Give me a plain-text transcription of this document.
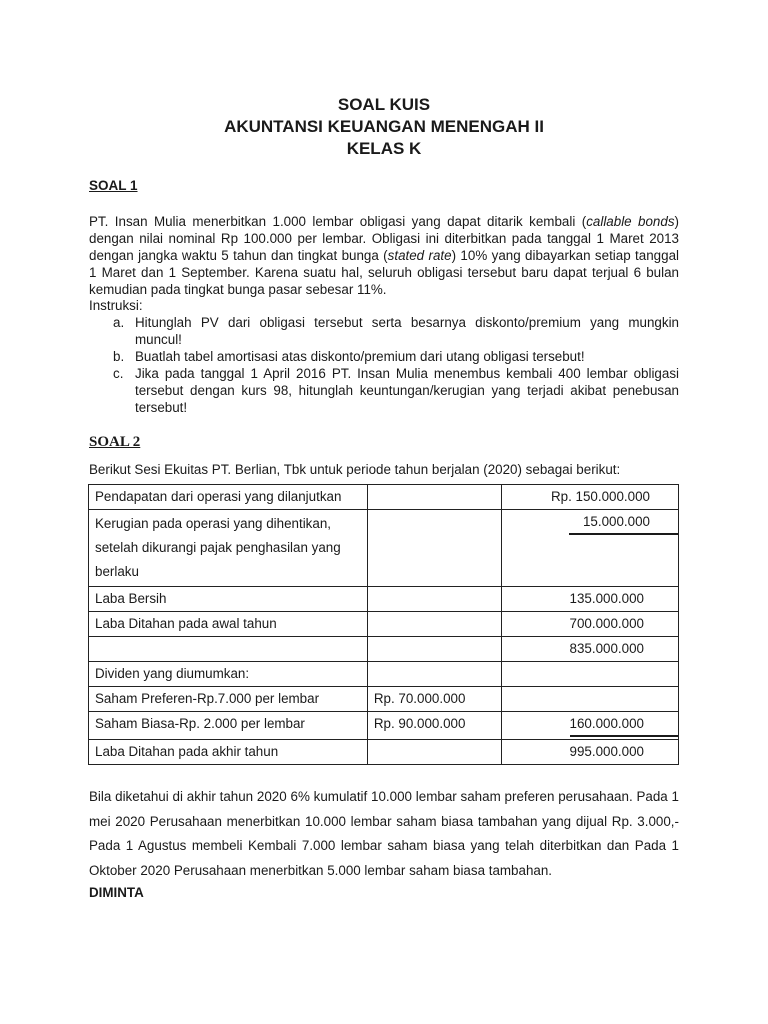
SOAL KUIS

AKUNTANSI KEUANGAN MENENGAH II

KELAS K

SOAL 1

PT. Insan Mulia menerbitkan 1.000 lembar obligasi yang dapat ditarik kembali (callable bonds) dengan nilai nominal Rp 100.000 per lembar. Obligasi ini diterbitkan pada tanggal 1 Maret 2013 dengan jangka waktu 5 tahun dan tingkat bunga (stated rate) 10% yang dibayarkan setiap tanggal 1 Maret dan 1 September. Karena suatu hal, seluruh obligasi tersebut baru dapat terjual 6 bulan kemudian pada tingkat bunga pasar sebesar 11%.

Instruksi:

a. Hitunglah PV dari obligasi tersebut serta besarnya diskonto/premium yang mungkin muncul!
b. Buatlah tabel amortisasi atas diskonto/premium dari utang obligasi tersebut!
c. Jika pada tanggal 1 April 2016 PT. Insan Mulia menembus kembali 400 lembar obligasi tersebut dengan kurs 98, hitunglah keuntungan/kerugian yang terjadi akibat penebusan tersebut!

SOAL 2

Berikut Sesi Ekuitas PT. Berlian, Tbk untuk periode tahun berjalan (2020) sebagai berikut:

Pendapatan dari operasi yang dilanjutkan		Rp. 150.000.000
Kerugian pada operasi yang dihentikan, setelah dikurangi pajak penghasilan yang berlaku		15.000.000
Laba Bersih		135.000.000
Laba Ditahan pada awal tahun		700.000.000
		835.000.000
Dividen yang diumumkan:		
Saham Preferen-Rp.7.000 per lembar	Rp. 70.000.000	
Saham Biasa-Rp. 2.000 per lembar	Rp. 90.000.000	160.000.000
Laba Ditahan pada akhir tahun		995.000.000

Bila diketahui di akhir tahun 2020 6% kumulatif 10.000 lembar saham preferen perusahaan. Pada 1 mei 2020 Perusahaan menerbitkan 10.000 lembar saham biasa tambahan yang dijual Rp. 3.000,- Pada 1 Agustus membeli Kembali 7.000 lembar saham biasa yang telah diterbitkan dan Pada 1 Oktober 2020 Perusahaan menerbitkan 5.000 lembar saham biasa tambahan.

DIMINTA
